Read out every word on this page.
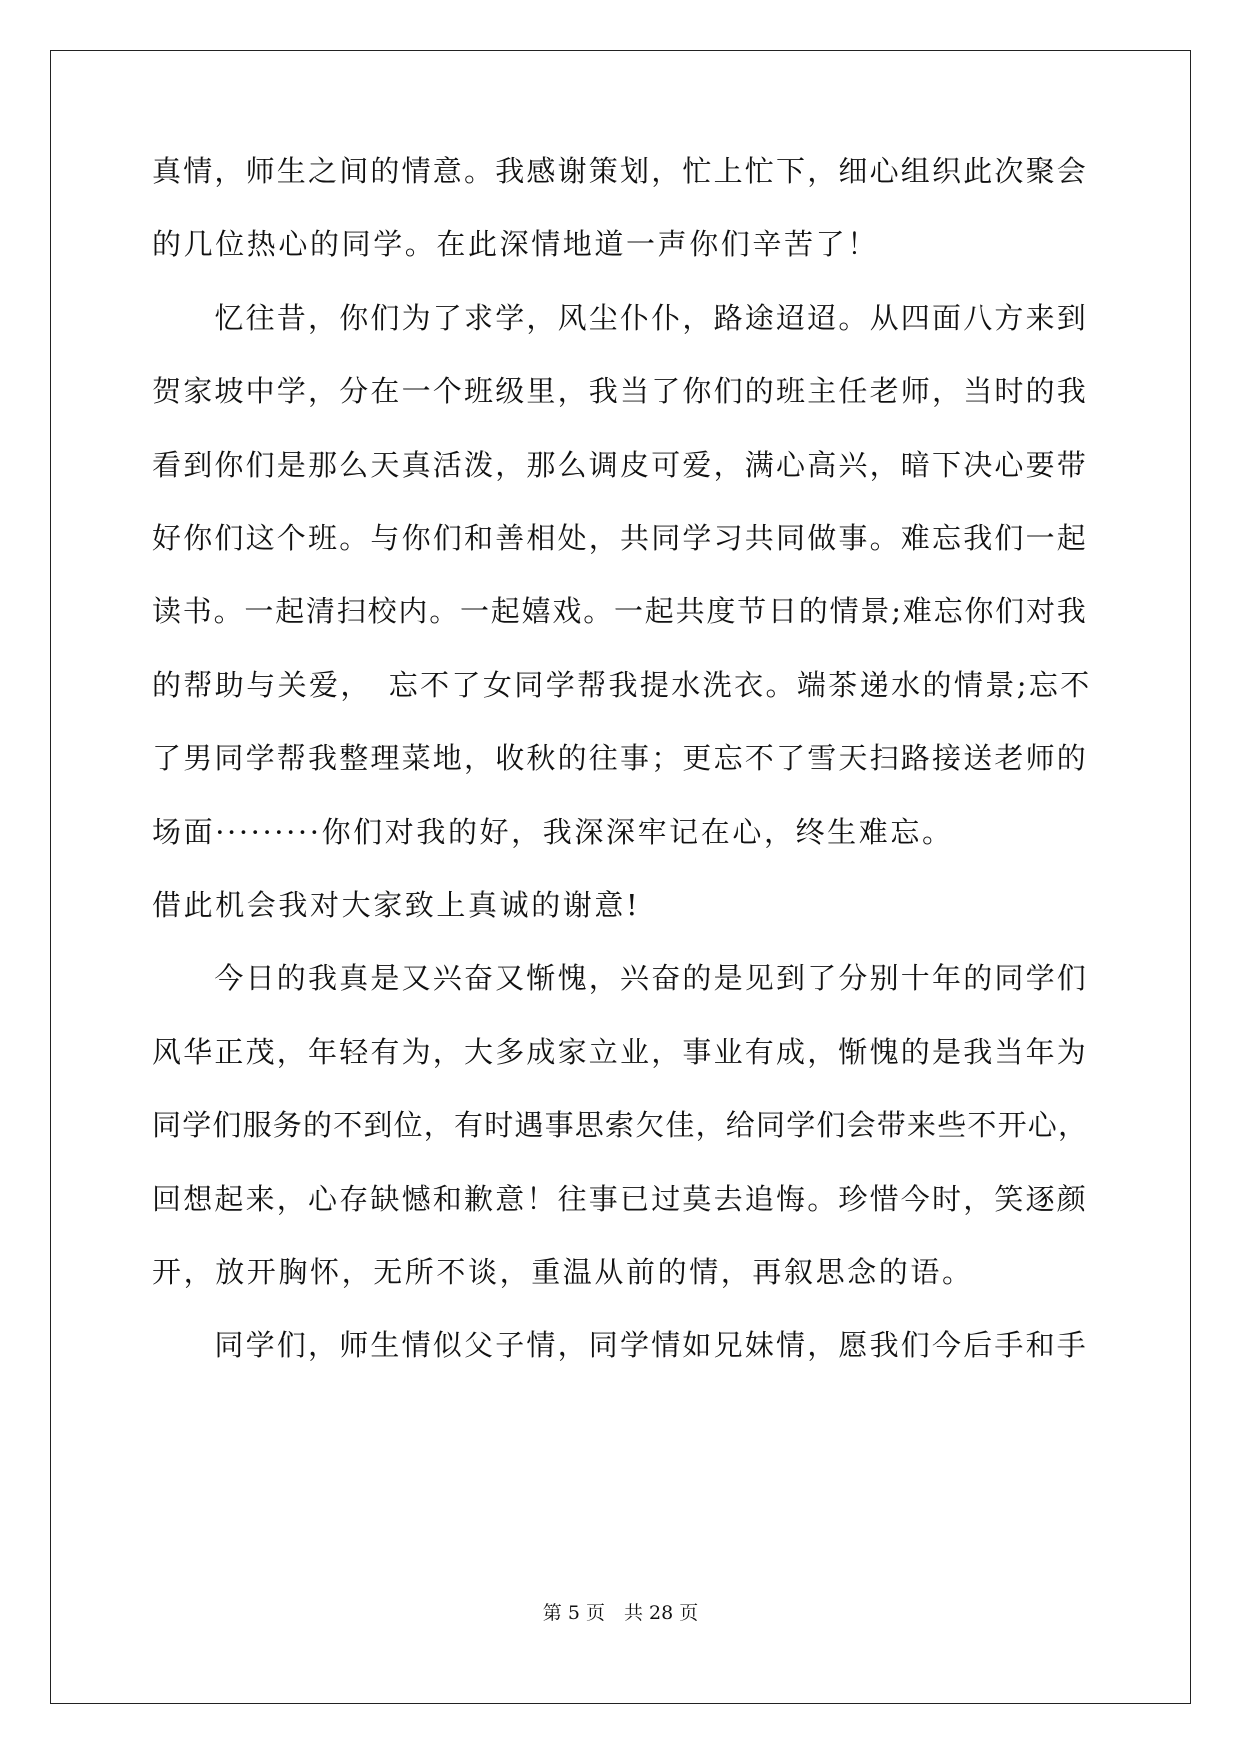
真情，师生之间的情意。我感谢策划，忙上忙下，细心组织此次聚会
的几位热心的同学。在此深情地道一声你们辛苦了！
　　忆往昔，你们为了求学，风尘仆仆，路途迢迢。从四面八方来到
贺家坡中学，分在一个班级里，我当了你们的班主任老师，当时的我
看到你们是那么天真活泼，那么调皮可爱，满心高兴，暗下决心要带
好你们这个班。与你们和善相处，共同学习共同做事。难忘我们一起
读书。一起清扫校内。一起嬉戏。一起共度节日的情景;难忘你们对我
的帮助与关爱，　忘不了女同学帮我提水洗衣。端茶递水的情景;忘不
了男同学帮我整理菜地，收秋的往事；更忘不了雪天扫路接送老师的
场面·········你们对我的好，我深深牢记在心，终生难忘。
借此机会我对大家致上真诚的谢意!
　　今日的我真是又兴奋又惭愧，兴奋的是见到了分别十年的同学们
风华正茂，年轻有为，大多成家立业，事业有成，惭愧的是我当年为
同学们服务的不到位，有时遇事思索欠佳，给同学们会带来些不开心，
回想起来，心存缺憾和歉意！往事已过莫去追悔。珍惜今时，笑逐颜
开，放开胸怀，无所不谈，重温从前的情，再叙思念的语。
　　同学们，师生情似父子情，同学情如兄妹情，愿我们今后手和手
第 5 页　共 28 页
